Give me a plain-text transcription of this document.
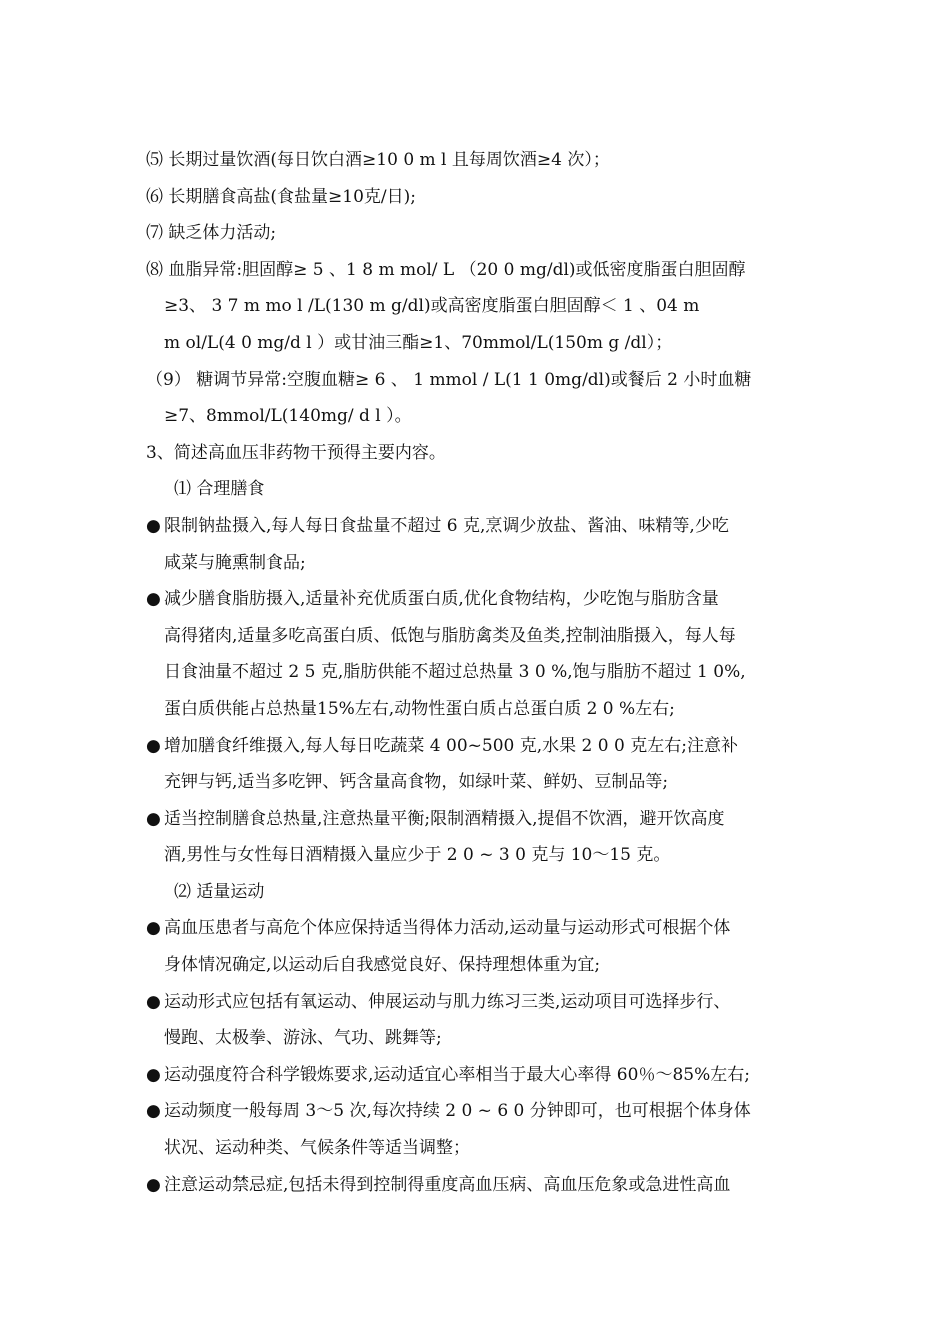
⑸ 长期过量饮酒(每日饮白酒≥10 0 m l 且每周饮酒≥4 次）；
⑹ 长期膳食高盐(食盐量≥10克/日);
⑺ 缺乏体力活动;
⑻ 血脂异常:胆固醇≥ 5 、1 8 m mol/ L （20 0 mg/dl)或低密度脂蛋白胆固醇
≥3、 3 7 m mo l /L(130 m g/dl)或高密度脂蛋白胆固醇＜ 1 、04 m
m ol/L(4 0 mg/d l ）或甘油三酯≥1、70mmol/L(150m g /dl）；
（9） 糖调节异常:空腹血糖≥ 6 、 1 mmol / L(1 1 0mg/dl)或餐后 2 小时血糖
≥7、8mmol/L(140mg/ d l ）。
3、简述高血压非药物干预得主要内容。
⑴ 合理膳食
● 限制钠盐摄入,每人每日食盐量不超过 6 克,烹调少放盐、酱油、味精等,少吃
咸菜与腌熏制食品;
● 减少膳食脂肪摄入,适量补充优质蛋白质,优化食物结构，少吃饱与脂肪含量
高得猪肉,适量多吃高蛋白质、低饱与脂肪禽类及鱼类,控制油脂摄入，每人每
日食油量不超过 2 5 克,脂肪供能不超过总热量 3 0 %,饱与脂肪不超过 1 0%,
蛋白质供能占总热量15%左右,动物性蛋白质占总蛋白质 2 0 %左右;
● 增加膳食纤维摄入,每人每日吃蔬菜 4 00~500 克,水果 2 0 0 克左右;注意补
充钾与钙,适当多吃钾、钙含量高食物，如绿叶菜、鲜奶、豆制品等;
● 适当控制膳食总热量,注意热量平衡;限制酒精摄入,提倡不饮酒，避开饮高度
酒,男性与女性每日酒精摄入量应少于 2 0 ~ 3 0 克与 10～15 克。
⑵ 适量运动
● 高血压患者与高危个体应保持适当得体力活动,运动量与运动形式可根据个体
身体情况确定,以运动后自我感觉良好、保持理想体重为宜;
● 运动形式应包括有氧运动、伸展运动与肌力练习三类,运动项目可选择步行、
慢跑、太极拳、游泳、气功、跳舞等;
● 运动强度符合科学锻炼要求,运动适宜心率相当于最大心率得 60％～85%左右;
● 运动频度一般每周 3～5 次,每次持续 2 0 ~ 6 0 分钟即可，也可根据个体身体
状况、运动种类、气候条件等适当调整；
● 注意运动禁忌症,包括未得到控制得重度高血压病、高血压危象或急进性高血
